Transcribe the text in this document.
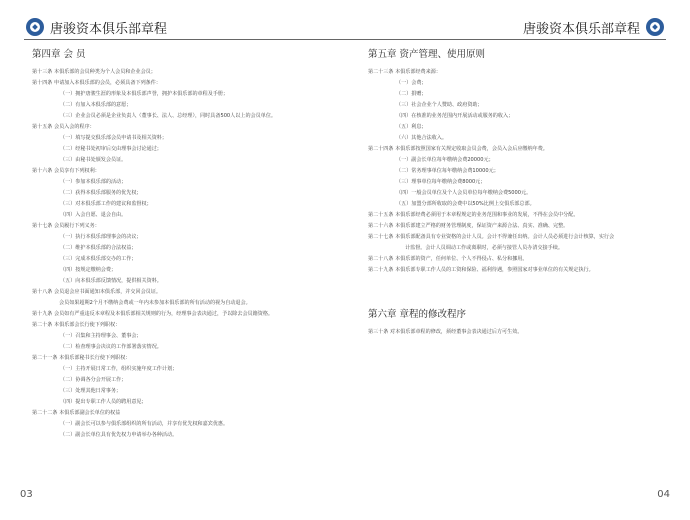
唐骏资本俱乐部章程
第四章 会 员
第十三条 本俱乐部的会员种类为个人会员和企业会员；
第十四条 申请加入本俱乐部的会员，必须具备下列条件：
（一）拥护唐骏生涯的形象及本俱乐部声誉，拥护本俱乐部的章程及手册；
（二）有加入本俱乐部的意愿；
（三）企业会员必须是企业负责人（董事长、法人、总经理），同时具备500人以上的会员单位。
第十五条 会员入会的程序：
（一）填写提交俱乐部会员申请书及相关资料；
（二）经秘书处初审后交由理事会讨论通过；
（三）由秘书处颁发会员证。
第十六条 会员享有下列权利：
（一）参加本俱乐部的活动；
（二）获得本俱乐部服务的优先权；
（三）对本俱乐部工作的建议和监督权；
（四）入会自愿、退会自由。
第十七条 会员履行下列义务：
（一）执行本俱乐部理事会的决议；
（二）维护本俱乐部的合法权益；
（三）完成本俱乐部交办的工作；
（四）按规定缴纳会费；
（五）向本俱乐部反馈情况，提供相关资料。
第十八条 会员退会应书面通知本俱乐部，并交回会员证。
会员如果超期2个月不缴纳会费或一年内未参加本俱乐部的所有活动的视为自动退会。
第十九条 会员如有严重违反本章程及本俱乐部相关规则的行为，经理事会表决通过，予以除去会员籍资格。
第二十条 本俱乐部会长行使下列职权：
（一）召集和主持理事会、董事会；
（二）检查理事会决议的工作部署落实情况。
第二十一条 本俱乐部秘书长行使下列职权：
（一）主持开展日常工作，组织实施年度工作计划；
（二）协调各分会开展工作；
（三）处理其他日常事务；
（四）提出专职工作人员的聘用意见；
第二十二条 本俱乐部副会长单位的权益
（一）副会长可以参与俱乐部组织的所有活动，并享有优先权和嘉宾优惠。
（二）副会长单位具有优先权力申请举办各种活动。
03
唐骏资本俱乐部章程
第五章 资产管理、使用原则
第二十三条 本俱乐部经费来源：
（一）会费；
（二）捐赠；
（三）社会企业个人赞助、政府资助；
（四）在核准的业务范围内开展活动或服务的收入；
（五）利息；
（六）其他合法收入。
第二十四条 本俱乐部按照国家有关规定收取会员会费，会员入会后应缴纳年费。
（一）副会长单位每年缴纳会费20000元；
（二）常务理事单位每年缴纳会费10000元；
（三）理事单位每年缴纳会费8000元；
（四）一般会员单位及个人会员单位每年缴纳会费5000元。
（五）加盟分部所收取的会费中以50%比例上交俱乐部总部。
第二十五条 本俱乐部经费必须用于本章程规定的业务范围和事业的发展，不得在会员中分配。
第二十六条 本俱乐部建立严格的财务管理制度，保证资产来源合法、真实、准确、完整。
第二十七条 本俱乐部配备具有专业资格的会计人员。会计不得兼任出纳。会计人员必须进行会计核算，实行会
计监督。会计人员调动工作或离职时，必须与接管人员办清交接手续。
第二十八条 本俱乐部的资产，任何单位、个人不得侵占、私分和挪用。
第二十九条 本俱乐部专职工作人员的工资和保险、福利待遇，参照国家对事业单位的有关规定执行。
第六章 章程的修改程序
第三十条 对本俱乐部章程的修改，须经董事会表决通过后方可生效。
04
